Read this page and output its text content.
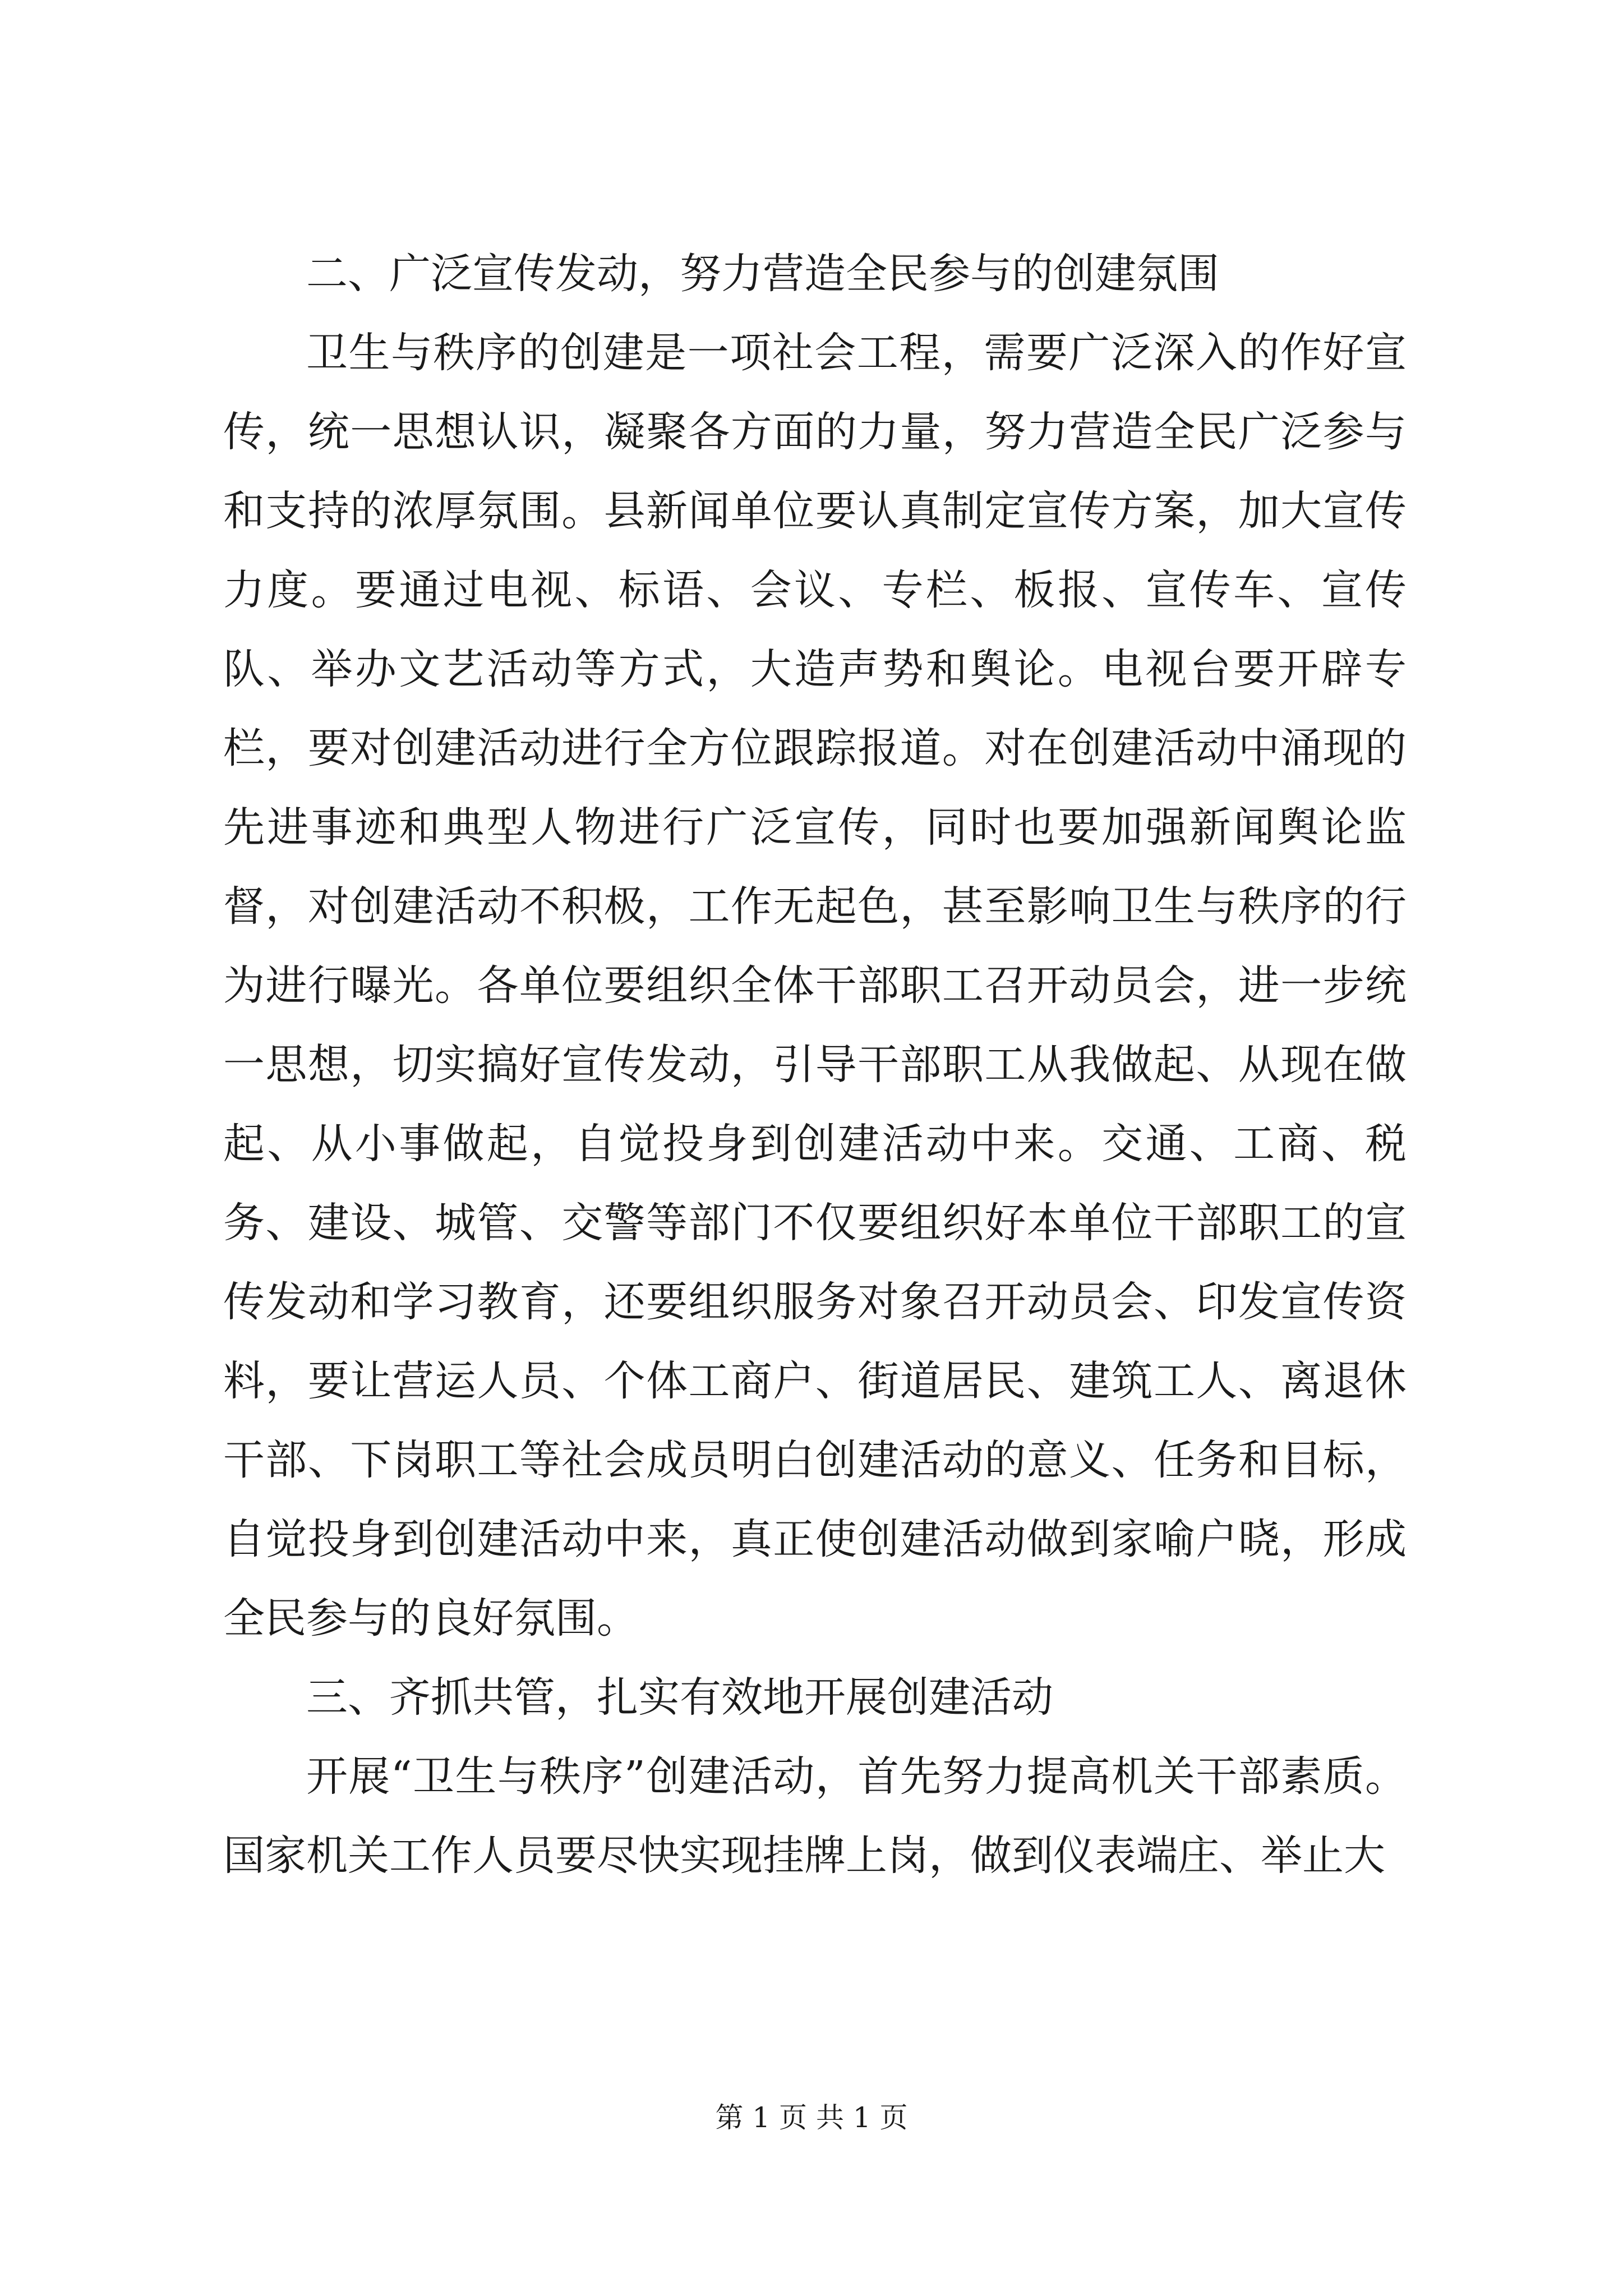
二、广泛宣传发动，努力营造全民参与的创建氛围

卫生与秩序的创建是一项社会工程，需要广泛深入的作好宣传，统一思想认识，凝聚各方面的力量，努力营造全民广泛参与和支持的浓厚氛围。县新闻单位要认真制定宣传方案，加大宣传力度。要通过电视、标语、会议、专栏、板报、宣传车、宣传队、举办文艺活动等方式，大造声势和舆论。电视台要开辟专栏，要对创建活动进行全方位跟踪报道。对在创建活动中涌现的先进事迹和典型人物进行广泛宣传，同时也要加强新闻舆论监督，对创建活动不积极，工作无起色，甚至影响卫生与秩序的行为进行曝光。各单位要组织全体干部职工召开动员会，进一步统一思想，切实搞好宣传发动，引导干部职工从我做起、从现在做起、从小事做起，自觉投身到创建活动中来。交通、工商、税务、建设、城管、交警等部门不仅要组织好本单位干部职工的宣传发动和学习教育，还要组织服务对象召开动员会、印发宣传资料，要让营运人员、个体工商户、街道居民、建筑工人、离退休干部、下岗职工等社会成员明白创建活动的意义、任务和目标，自觉投身到创建活动中来，真正使创建活动做到家喻户晓，形成全民参与的良好氛围。

三、齐抓共管，扎实有效地开展创建活动

开展“卫生与秩序”创建活动，首先努力提高机关干部素质。国家机关工作人员要尽快实现挂牌上岗，做到仪表端庄、举止大

第 1 页 共 1 页
